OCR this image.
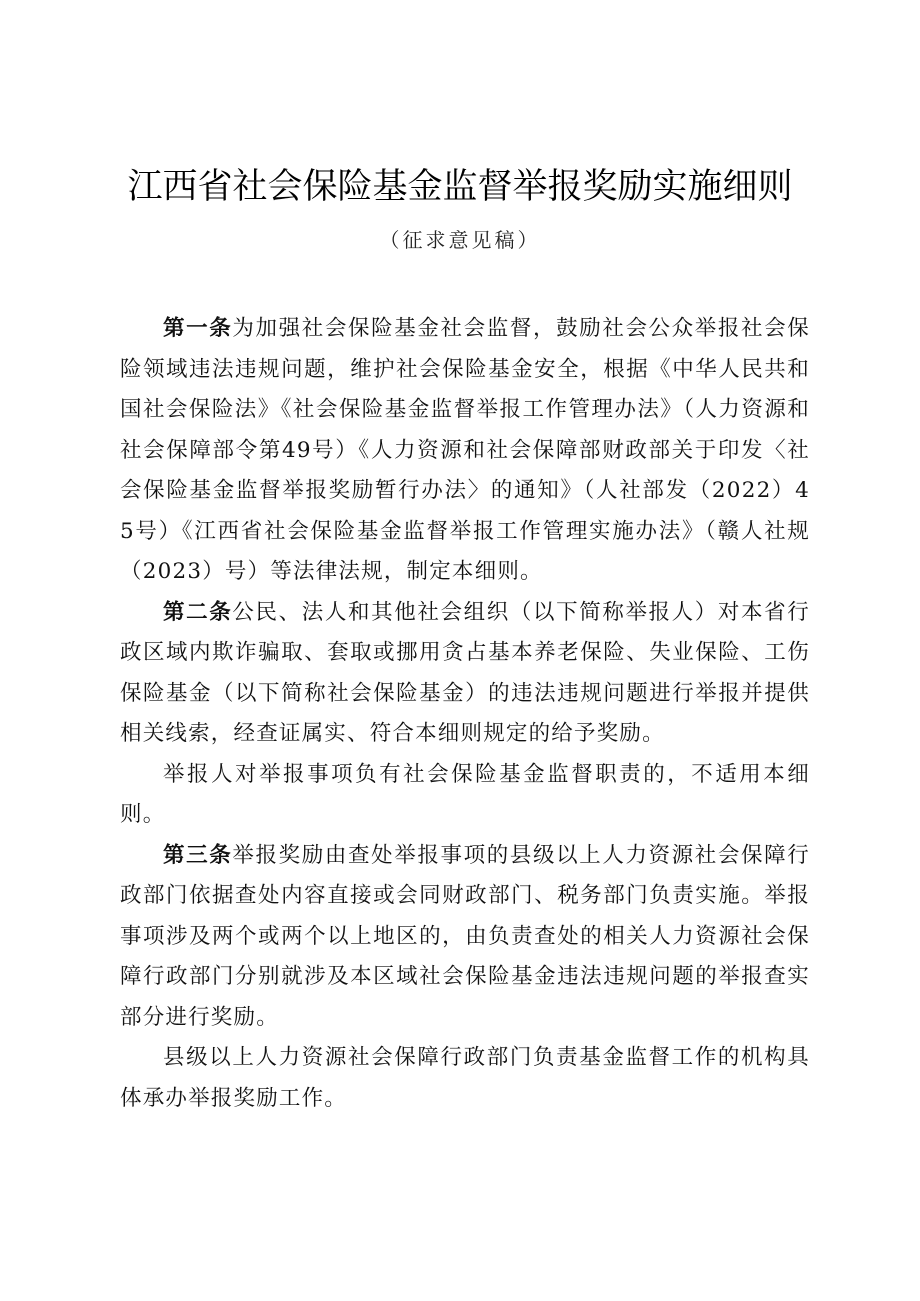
江西省社会保险基金监督举报奖励实施细则
（征求意见稿）

第一条为加强社会保险基金社会监督，鼓励社会公众举报社会保险领域违法违规问题，维护社会保险基金安全，根据《中华人民共和国社会保险法》《社会保险基金监督举报工作管理办法》（人力资源和社会保障部令第49号）《人力资源和社会保障部财政部关于印发〈社会保险基金监督举报奖励暂行办法〉的通知》（人社部发（2022）45号）《江西省社会保险基金监督举报工作管理实施办法》（赣人社规（2023）号）等法律法规，制定本细则。

第二条公民、法人和其他社会组织（以下简称举报人）对本省行政区域内欺诈骗取、套取或挪用贪占基本养老保险、失业保险、工伤保险基金（以下简称社会保险基金）的违法违规问题进行举报并提供相关线索，经查证属实、符合本细则规定的给予奖励。

举报人对举报事项负有社会保险基金监督职责的，不适用本细则。

第三条举报奖励由查处举报事项的县级以上人力资源社会保障行政部门依据查处内容直接或会同财政部门、税务部门负责实施。举报事项涉及两个或两个以上地区的，由负责查处的相关人力资源社会保障行政部门分别就涉及本区域社会保险基金违法违规问题的举报查实部分进行奖励。

县级以上人力资源社会保障行政部门负责基金监督工作的机构具体承办举报奖励工作。
